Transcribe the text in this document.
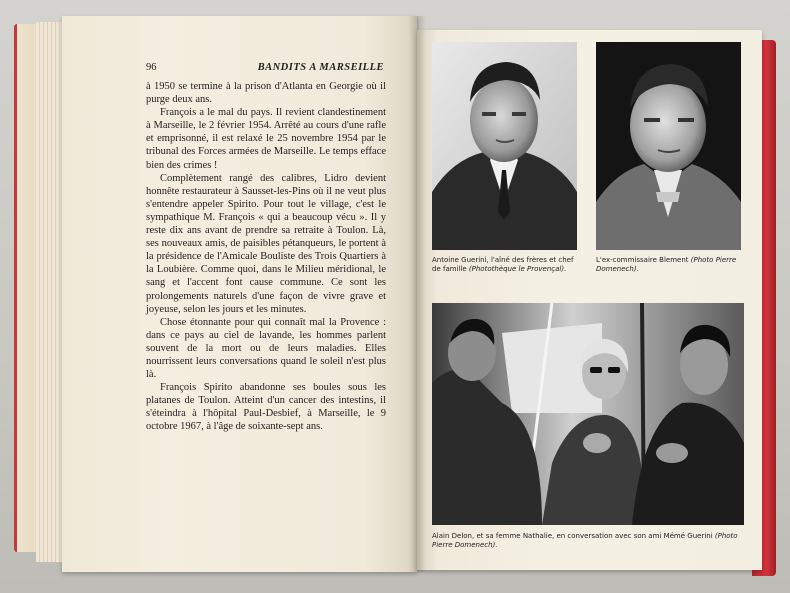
96	BANDITS A MARSEILLE

à 1950 se termine à la prison d'Atlanta en Georgie où il purge deux ans.

François a le mal du pays. Il revient clandestinement à Marseille, le 2 février 1954. Arrêté au cours d'une rafle et emprisonné, il est relaxé le 25 novembre 1954 par le tribunal des Forces armées de Marseille. Le temps efface bien des crimes !

Complètement rangé des calibres, Lidro devient honnête restaurateur à Sausset-les-Pins où il ne veut plus s'entendre appeler Spirito. Pour tout le village, c'est le sympathique M. François « qui a beaucoup vécu ». Il y reste dix ans avant de prendre sa retraite à Toulon. Là, ses nouveaux amis, de paisibles pétanqueurs, le portent à la présidence de l'Amicale Bouliste des Trois Quartiers à la Loubière. Comme quoi, dans le Milieu méridional, le sang et l'accent font cause commune. Ce sont les prolongements naturels d'une façon de vivre grave et joyeuse, selon les jours et les minutes.

Chose étonnante pour qui connaît mal la Provence : dans ce pays au ciel de lavande, les hommes parlent souvent de la mort ou de leurs maladies. Elles nourrissent leurs conversations quand le soleil n'est plus là.

François Spirito abandonne ses boules sous les platanes de Toulon. Atteint d'un cancer des intestins, il s'éteindra à l'hôpital Paul-Desbief, à Marseille, le 9 octobre 1967, à l'âge de soixante-sept ans.

Antoine Guerini, l'aîné des frères et chef de famille (Photothèque le Provençal).
L'ex-commissaire Blement (Photo Pierre Domenech).
Alain Delon, et sa femme Nathalie, en conversation avec son ami Mémé Guerini (Photo Pierre Domenech).
